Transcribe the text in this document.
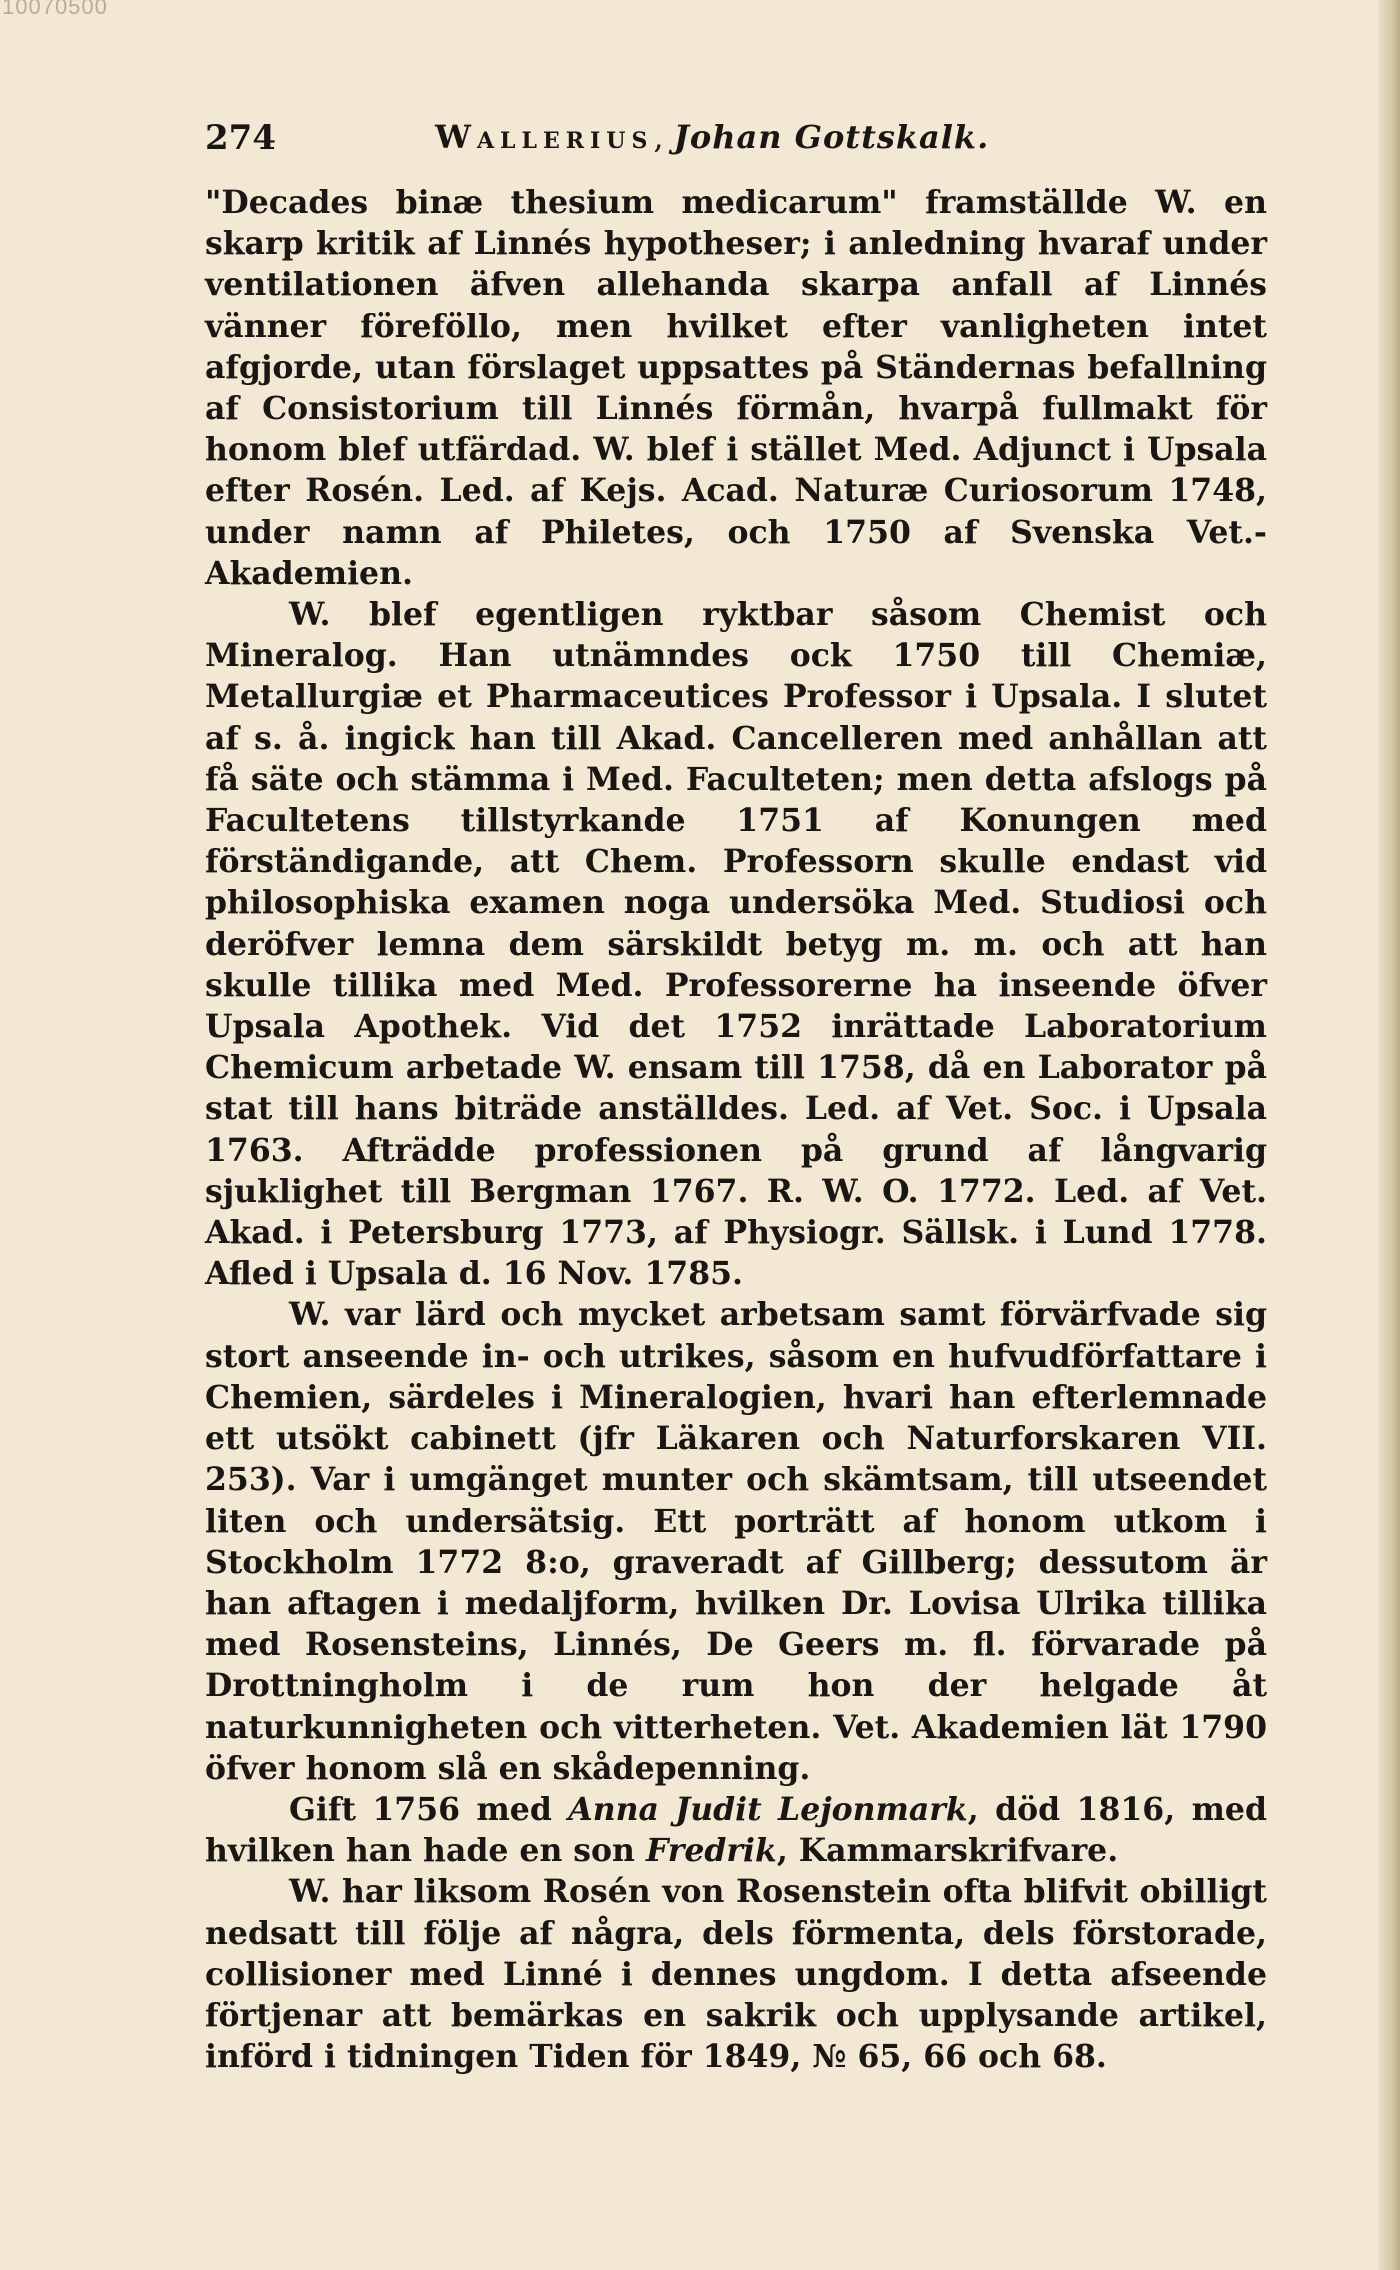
10070500
274	Wallerius, Johan Gottskalk.

"Decades binæ thesium medicarum" framställde W. en skarp kritik af Linnés hypotheser; i anledning hvaraf under ventilationen äfven allehanda skarpa anfall af Linnés vänner föreföllo, men hvilket efter vanligheten intet afgjorde, utan förslaget uppsattes på Ständernas befallning af Consistorium till Linnés förmån, hvarpå fullmakt för honom blef utfärdad. W. blef i stället Med. Adjunct i Upsala efter Rosén. Led. af Kejs. Acad. Naturæ Curiosorum 1748, under namn af Philetes, och 1750 af Svenska Vet.-Akademien.

W. blef egentligen ryktbar såsom Chemist och Mineralog. Han utnämndes ock 1750 till Chemiæ, Metallurgiæ et Pharmaceutices Professor i Upsala. I slutet af s. å. ingick han till Akad. Cancelleren med anhållan att få säte och stämma i Med. Faculteten; men detta afslogs på Facultetens tillstyrkande 1751 af Konungen med förständigande, att Chem. Professorn skulle endast vid philosophiska examen noga undersöka Med. Studiosi och deröfver lemna dem särskildt betyg m. m. och att han skulle tillika med Med. Professorerne ha inseende öfver Upsala Apothek. Vid det 1752 inrättade Laboratorium Chemicum arbetade W. ensam till 1758, då en Laborator på stat till hans biträde anställdes. Led. af Vet. Soc. i Upsala 1763. Afträdde professionen på grund af långvarig sjuklighet till Bergman 1767. R. W. O. 1772. Led. af Vet. Akad. i Petersburg 1773, af Physiogr. Sällsk. i Lund 1778. Afled i Upsala d. 16 Nov. 1785.

W. var lärd och mycket arbetsam samt förvärfvade sig stort anseende in- och utrikes, såsom en hufvudförfattare i Chemien, särdeles i Mineralogien, hvari han efterlemnade ett utsökt cabinett (jfr Läkaren och Naturforskaren VII. 253). Var i umgänget munter och skämtsam, till utseendet liten och undersätsig. Ett porträtt af honom utkom i Stockholm 1772 8:o, graveradt af Gillberg; dessutom är han aftagen i medaljform, hvilken Dr. Lovisa Ulrika tillika med Rosensteins, Linnés, De Geers m. fl. förvarade på Drottningholm i de rum hon der helgade åt naturkunnigheten och vitterheten. Vet. Akademien lät 1790 öfver honom slå en skådepenning.

Gift 1756 med Anna Judit Lejonmark, död 1816, med hvilken han hade en son Fredrik, Kammarskrifvare.

W. har liksom Rosén von Rosenstein ofta blifvit obilligt nedsatt till följe af några, dels förmenta, dels förstorade, collisioner med Linné i dennes ungdom. I detta afseende förtjenar att bemärkas en sakrik och upplysande artikel, införd i tidningen Tiden för 1849, № 65, 66 och 68.
